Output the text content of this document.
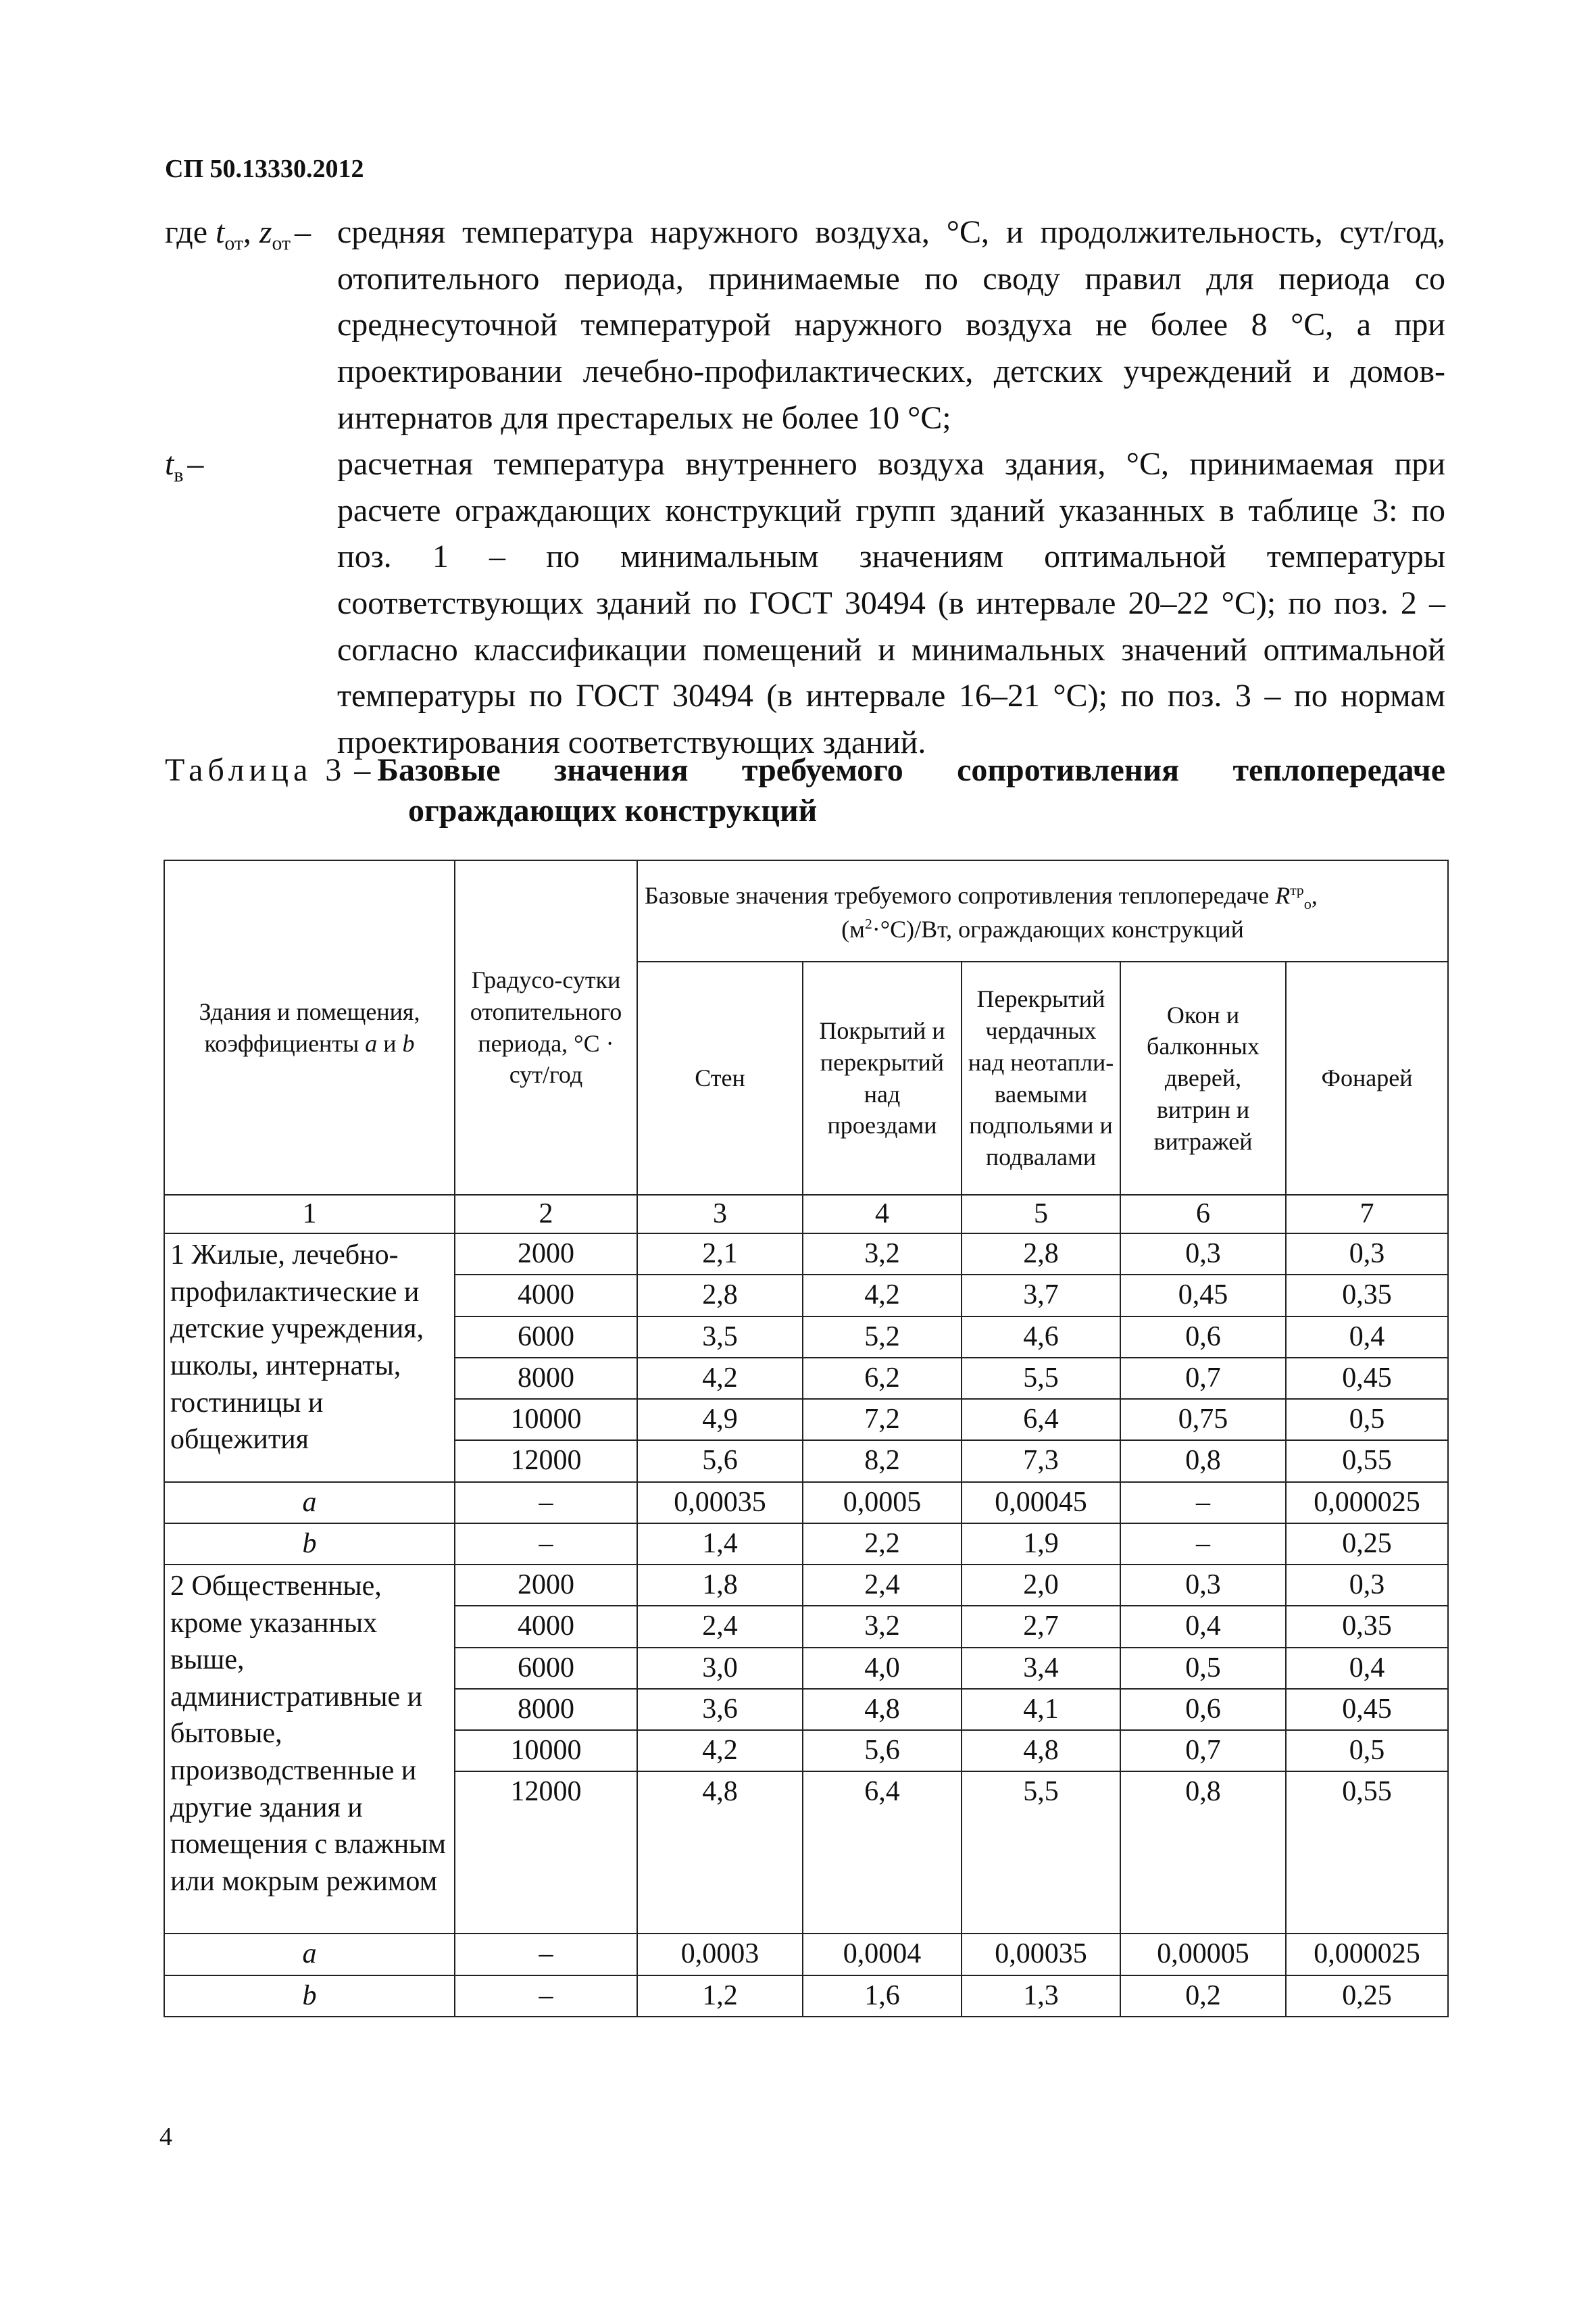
СП 50.13330.2012

где $t_{от}$, $z_{от}$ – средняя температура наружного воздуха, °С, и продолжительность, сут/год, отопительного периода, принимаемые по своду правил для периода со среднесуточной температурой наружного воздуха не более 8 °С, а при проектировании лечебно-профилактических, детских учреждений и домов-интернатов для престарелых не более 10 °С;
$t_в$ –	расчетная температура внутреннего воздуха здания, °С, принимаемая при расчете ограждающих конструкций групп зданий указанных в таблице 3: по поз. 1 – по минимальным значениям оптимальной температуры соответствующих зданий по ГОСТ 30494 (в интервале 20–22 °С); по поз. 2 – согласно классификации помещений и минимальных значений оптимальной температуры по ГОСТ 30494 (в интервале 16–21 °С); по поз. 3 – по нормам проектирования соответствующих зданий.
Таблица 3 – Базовые значения требуемого сопротивления теплопередаче
ограждающих конструкций
Здания и помещения, коэффициенты a и b	Градусо-сутки отопительного периода, °С · сут/год	Базовые значения требуемого сопротивления теплопередаче $R^{тр}_о$,

$(м^2\cdot^\circ С)/Вт$, ограждающих конструкций				

		Стен	Покрытий и перекрытий над проездами	Перекрытий чердачных над неотапли-ваемыми подпольями и подвалами	Окон и балконных дверей, витрин и витражей	Фонарей
1	2	3	4	5	6	7
1 Жилые, лечебно-профилактические и детские учреждения, школы, интернаты, гостиницы и общежития	2000	2,1	3,2	2,8	0,3	0,3
	4000	2,8	4,2	3,7	0,45	0,35
	6000	3,5	5,2	4,6	0,6	0,4
	8000	4,2	6,2	5,5	0,7	0,45
	10000	4,9	7,2	6,4	0,75	0,5
	12000	5,6	8,2	7,3	0,8	0,55
a	–	0,00035	0,0005	0,00045	–	0,000025
b	–	1,4	2,2	1,9	–	0,25
2 Общественные, кроме указанных выше, административные и бытовые, производственные и другие здания и помещения с влажным или мокрым режимом	2000	1,8	2,4	2,0	0,3	0,3
	4000	2,4	3,2	2,7	0,4	0,35
	6000	3,0	4,0	3,4	0,5	0,4
	8000	3,6	4,8	4,1	0,6	0,45
	10000	4,2	5,6	4,8	0,7	0,5
	12000	4,8	6,4	5,5	0,8	0,55
a	–	0,0003	0,0004	0,00035	0,00005	0,000025
b	–	1,2	1,6	1,3	0,2	0,25

4
